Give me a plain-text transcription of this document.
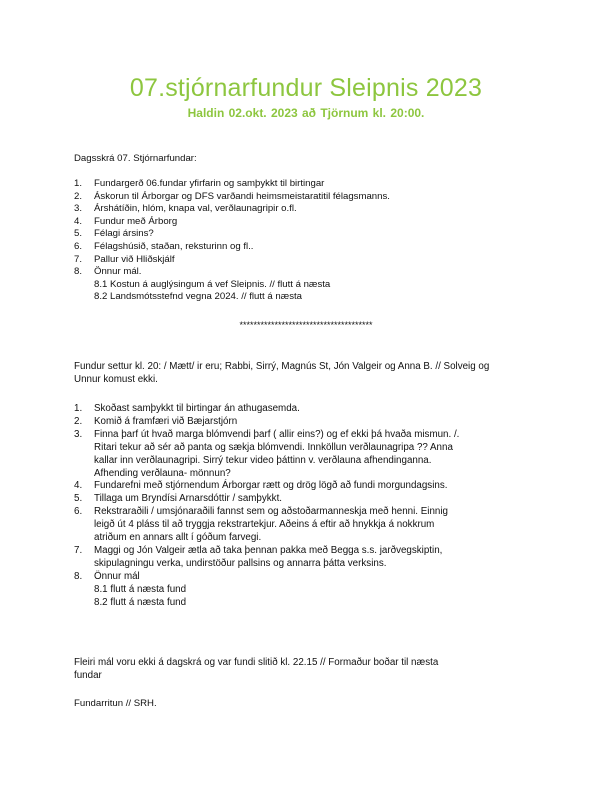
07.stjórnarfundur Sleipnis 2023
Haldin 02.okt. 2023 að Tjörnum kl. 20:00.
Dagsskrá 07. Stjórnarfundar:
1. Fundargerð 06.fundar yfirfarin og samþykkt til birtingar
2. Áskorun til Árborgar og DFS varðandi heimsmeistaratitil félagsmanns.
3. Árshátíðin, hlóm, knapa val, verðlaunagripir o.fl.
4. Fundur með Árborg
5. Félagi ársins?
6. Félagshúsið, staðan, reksturinn og fl..
7. Pallur við Hliðskjálf
8. Önnur mál.
8.1 Kostun á auglýsingum á vef Sleipnis. // flutt á næsta
8.2 Landsmótsstefnd vegna 2024. // flutt á næsta
**************************************
Fundur settur kl. 20: / Mætt/ ir eru; Rabbi, Sirrý, Magnús St, Jón Valgeir og Anna B. // Solveig og
Unnur komust ekki.
1. Skoðast samþykkt til birtingar án athugasemda.
2. Komið á framfæri við Bæjarstjórn
3. Finna þarf út hvað marga blómvendi þarf ( allir eins?) og ef ekki þá hvaða mismun. /.
Ritari tekur að sér að panta og sækja blómvendi. Innköllun verðlaunagripa ?? Anna
kallar inn verðlaunagripi. Sirrý tekur video þáttinn v. verðlauna afhendinganna.
Afhending verðlauna- mönnun?
4. Fundarefni með stjórnendum Árborgar rætt og drög lögð að fundi morgundagsins.
5. Tillaga um Bryndísi Arnarsdóttir / samþykkt.
6. Rekstraraðili / umsjónaraðili fannst sem og aðstoðarmanneskja með henni. Einnig
leigð út 4 pláss til að tryggja rekstrartekjur. Aðeins á eftir að hnykkja á nokkrum
atriðum en annars allt í góðum farvegi.
7. Maggi og Jón Valgeir ætla að taka þennan pakka með Begga s.s. jarðvegskiptin,
skipulagningu verka, undirstöður pallsins og annarra þátta verksins.
8. Önnur mál
8.1 flutt á næsta fund
8.2 flutt á næsta fund
Fleiri mál voru ekki á dagskrá og var fundi slitið kl. 22.15 // Formaður boðar til næsta
fundar
Fundarritun // SRH.
